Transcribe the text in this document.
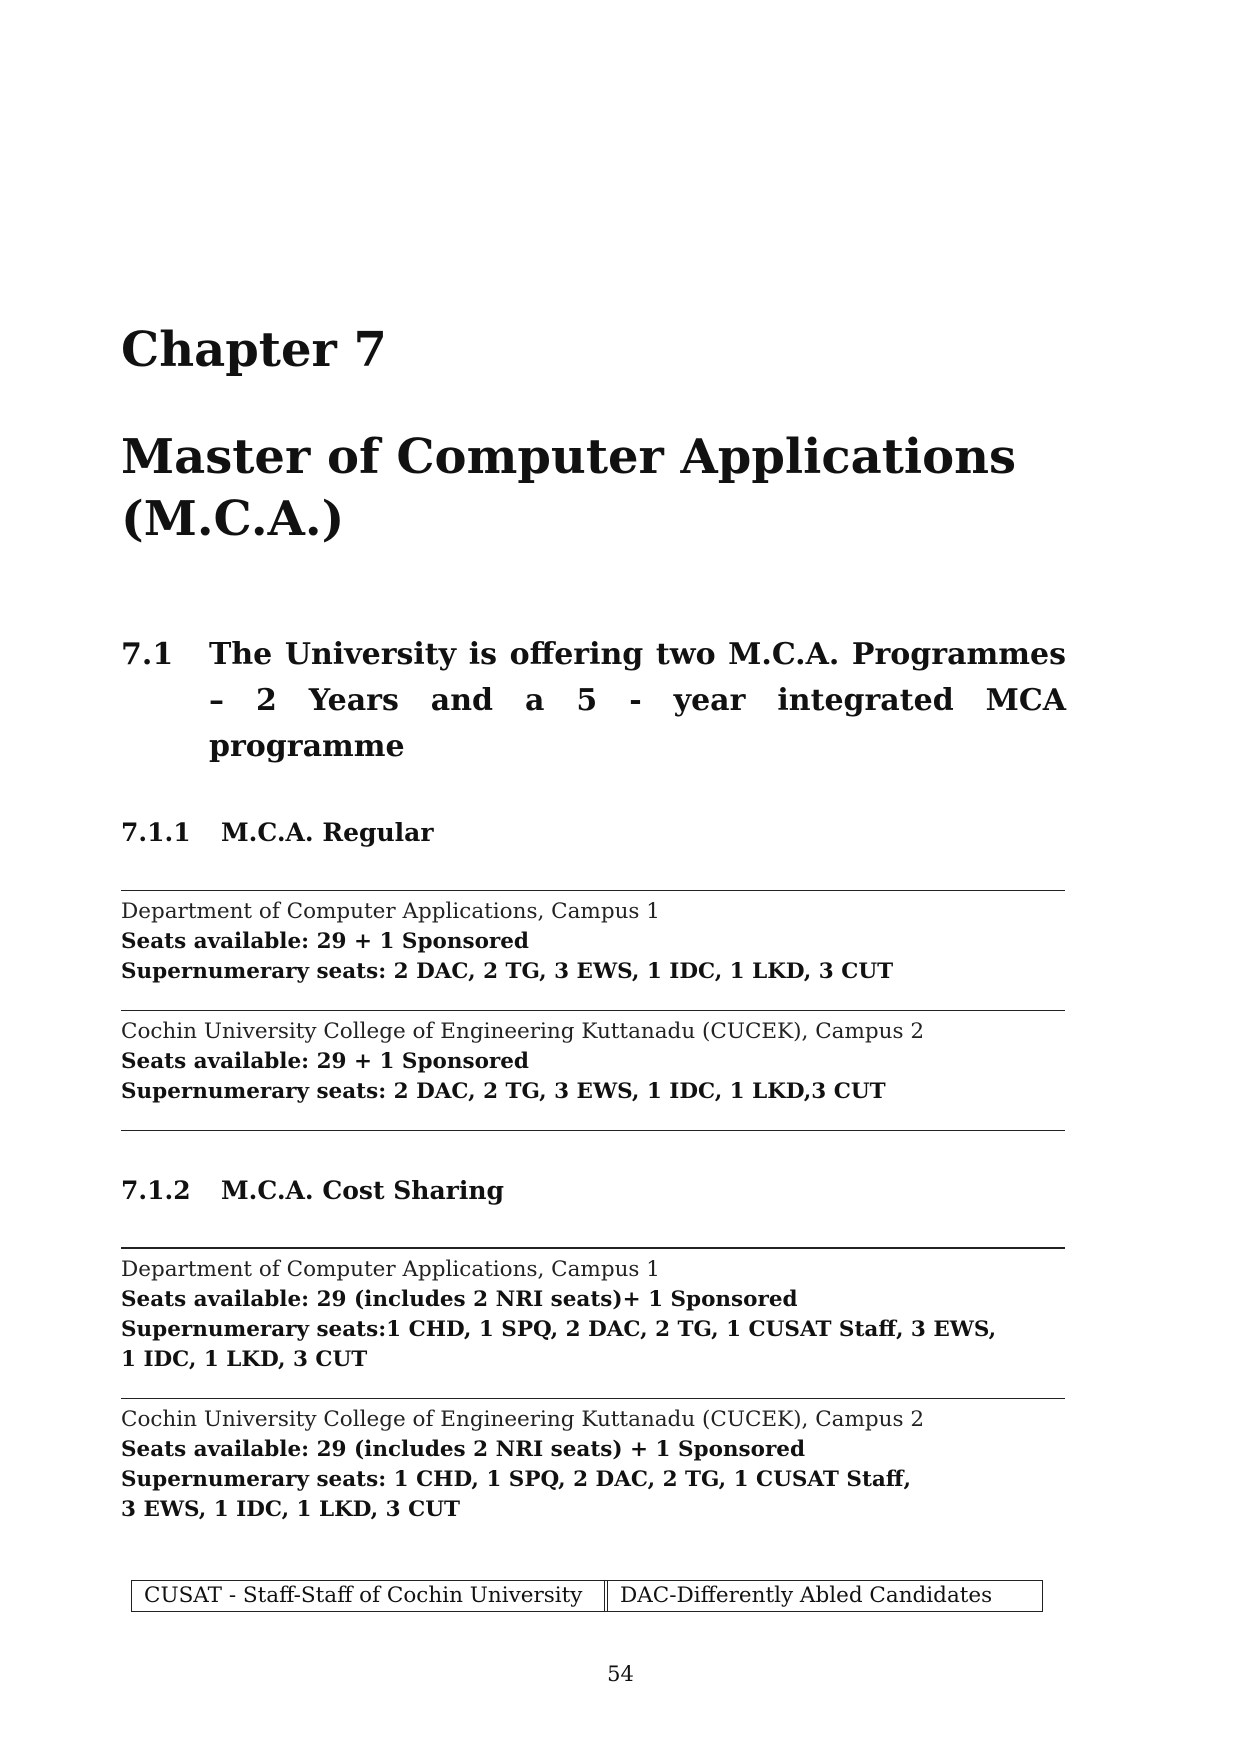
Chapter 7
Master of Computer Applications (M.C.A.)
7.1 The University is offering two M.C.A. Programmes – 2 Years and a 5 - year integrated MCA programme
7.1.1 M.C.A. Regular
Department of Computer Applications, Campus 1
Seats available: 29 + 1 Sponsored
Supernumerary seats: 2 DAC, 2 TG, 3 EWS, 1 IDC, 1 LKD, 3 CUT
Cochin University College of Engineering Kuttanadu (CUCEK), Campus 2
Seats available: 29 + 1 Sponsored
Supernumerary seats: 2 DAC, 2 TG, 3 EWS, 1 IDC, 1 LKD,3 CUT
7.1.2 M.C.A. Cost Sharing
Department of Computer Applications, Campus 1
Seats available: 29 (includes 2 NRI seats)+ 1 Sponsored
Supernumerary seats:1 CHD, 1 SPQ, 2 DAC, 2 TG, 1 CUSAT Staff, 3 EWS,
1 IDC, 1 LKD, 3 CUT
Cochin University College of Engineering Kuttanadu (CUCEK), Campus 2
Seats available: 29 (includes 2 NRI seats) + 1 Sponsored
Supernumerary seats: 1 CHD, 1 SPQ, 2 DAC, 2 TG, 1 CUSAT Staff,
3 EWS, 1 IDC, 1 LKD, 3 CUT
CUSAT - Staff-Staff of Cochin University	DAC-Differently Abled Candidates
54
